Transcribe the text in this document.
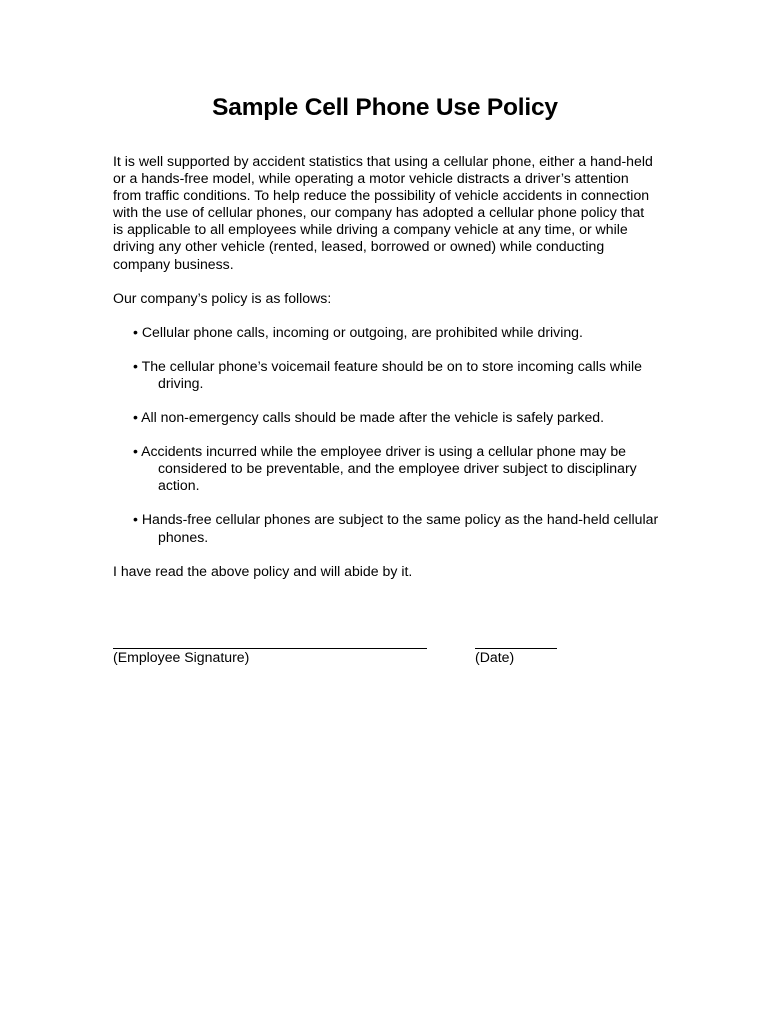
Sample Cell Phone Use Policy

It is well supported by accident statistics that using a cellular phone, either a hand-held or a hands-free model, while operating a motor vehicle distracts a driver’s attention from traffic conditions. To help reduce the possibility of vehicle accidents in connection with the use of cellular phones, our company has adopted a cellular phone policy that is applicable to all employees while driving a company vehicle at any time, or while driving any other vehicle (rented, leased, borrowed or owned) while conducting company business.

Our company’s policy is as follows:

• Cellular phone calls, incoming or outgoing, are prohibited while driving.
• The cellular phone’s voicemail feature should be on to store incoming calls while driving.
• All non-emergency calls should be made after the vehicle is safely parked.
• Accidents incurred while the employee driver is using a cellular phone may be considered to be preventable, and the employee driver subject to disciplinary action.
• Hands-free cellular phones are subject to the same policy as the hand-held cellular phones.

I have read the above policy and will abide by it.

(Employee Signature)	(Date)
